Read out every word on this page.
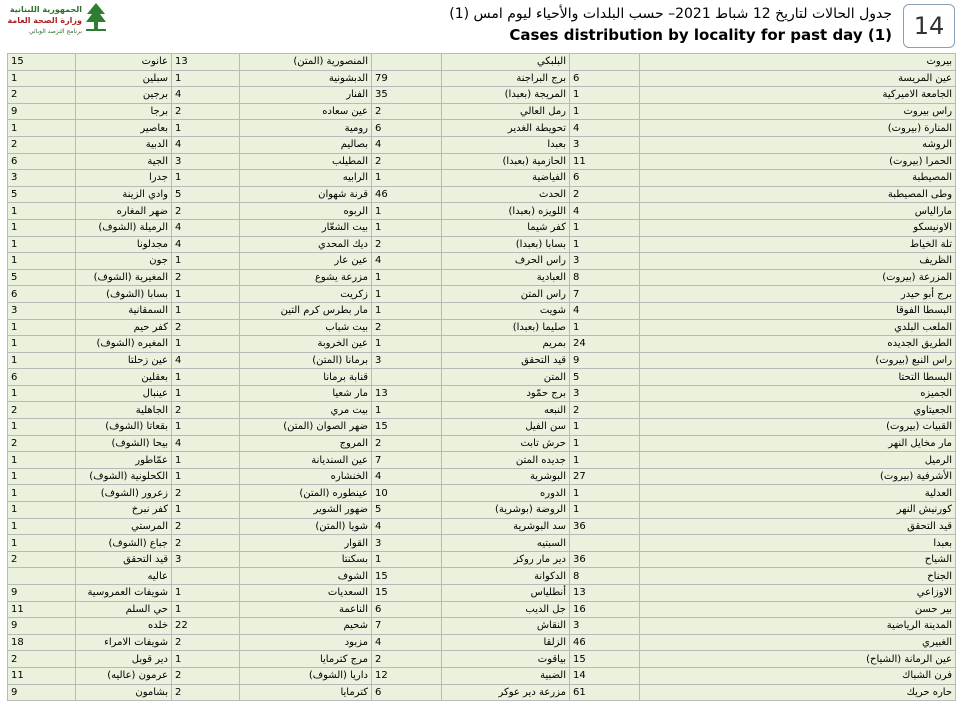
الجمهورية اللبنانية
وزارة الصحة العامة
برنامج الترصد الوبائي
جدول الحالات لتاريخ 12 شباط 2021– حسب البلدات والأحياء ليوم امس (1)
Cases distribution by locality for past day (1) 14
15	عانوت	13	المنصورية (المتن)		البلبكي		بيروت
1	سبلين	1	الدبشونية	79	برج البراجنة	6	عين المريسة
2	برجين	4	الفنار	35	المريجة (بعبدا)	1	الجامعة الاميركية
9	برجا	2	عين سعاده	2	رمل العالي	1	راس بيروت
1	بعاصير	1	رومية	6	تحويطة الغدير	4	المنارة (بيروت)
2	الدبية	4	بصاليم	4	بعبدا	3	الروشه
6	الجية	3	المطيلب	2	الحازمية (بعبدا)	11	الحمرا (بيروت)
3	جدرا	1	الرابيه	1	الفياضية	6	المصيطبة
5	وادي الزينة	5	قرنة شهوان	46	الحدث	2	وطى المصيطبة
1	ضهر المغاره	2	الربوه	1	اللويزه (بعبدا)	4	مارالياس
1	الرميلة (الشوف)	4	بيت الشعّار	1	كفر شيما	1	الاونيسكو
1	مجدلونا	4	ديك المحدي	2	بسابا (بعبدا)	1	تلة الخياط
1	جون	1	عين عار	4	راس الحرف	3	الظريف
5	المغيرية (الشوف)	2	مزرعة يشوع	1	العبادية	8	المزرعة (بيروت)
6	بسابا (الشوف)	1	زكريت	1	راس المتن	7	برج أبو حيدر
3	السمقانية	1	مار بطرس كرم التين	1	شويت	4	البسطا الفوقا
1	كفر حيم	2	بيت شباب	2	صليما (بعبدا)	1	الملعب البلدي
1	المغيره (الشوف)	1	عين الخروبة	1	بمريم	24	الطريق الجديده
1	عين زحلتا	4	برمانا (المتن)	3	قيد التحقق	9	راس النبع (بيروت)
6	بعقلين	1	قنابة برمانا		المتن	5	البسطا التحتا
1	عينبال	1	مار شعيا	13	برج حمّود	3	الجميزه
2	الجاهلية	2	بيت مري	1	النبعه	2	الجعيتاوي
1	بقعاتا (الشوف)	1	ضهر الصوان (المتن)	15	سن الفيل	1	القبيات (بيروت)
2	بيحا (الشوف)	4	المروج	2	حرش تابت	1	مار مخايل النهر
1	عمّاطور	1	عين السنديانة	7	جديده المتن	1	الرميل
1	الكحلونية (الشوف)	1	الخنشاره	4	البوشرية	27	الأشرفية (بيروت)
1	زعرور (الشوف)	2	عينطوره (المتن)	10	الدوره	1	العدلية
1	كفر نبرخ	1	ضهور الشوير	5	الروضة (بوشرية)	1	كورنيش النهر
1	المرستي	2	شويا (المتن)	4	سد البوشرية	36	قيد التحقق
1	جباع (الشوف)	2	القوار	3	السبتيه		بعبدا
2	قيد التحقق	3	بسكنتا	1	دير مار روكز	36	الشياح
	عاليه		الشوف	15	الدكوانة	8	الجناح
9	شويفات العمروسية	1	السعديات	15	أنطلياس	13	الاوزاعي
11	حي السلم	1	الناعمة	6	جل الديب	16	بير حسن
9	خلده	22	شحيم	7	النقاش	3	المدينة الرياضية
18	شويفات الامراء	2	مزبود	4	الزلقا	46	الغبيري
2	دير قوبل	1	مرج كترمايا	2	بياقوت	15	عين الرمانة (الشياح)
11	عرمون (عاليه)	2	داريا (الشوف)	12	الضبية	14	فرن الشباك
9	بشامون	2	كترمايا	6	مزرعة دير عوكر	61	حاره حريك
